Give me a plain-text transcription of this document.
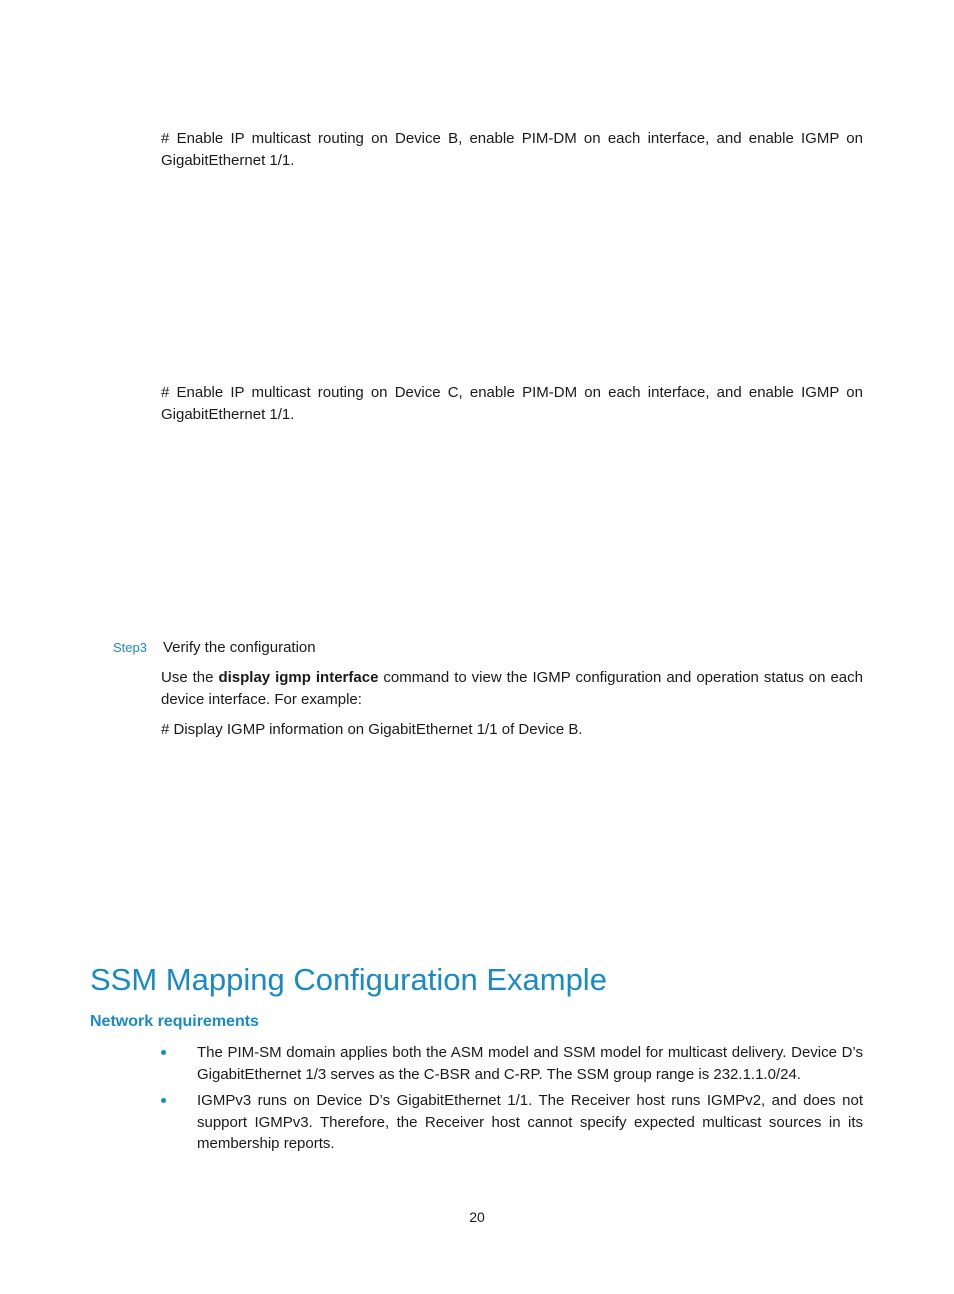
# Enable IP multicast routing on Device B, enable PIM-DM on each interface, and enable IGMP on GigabitEthernet 1/1.

# Enable IP multicast routing on Device C, enable PIM-DM on each interface, and enable IGMP on GigabitEthernet 1/1.

Step3 Verify the configuration

Use the display igmp interface command to view the IGMP configuration and operation status on each device interface. For example:

# Display IGMP information on GigabitEthernet 1/1 of Device B.

SSM Mapping Configuration Example
Network requirements
The PIM-SM domain applies both the ASM model and SSM model for multicast delivery. Device D’s GigabitEthernet 1/3 serves as the C-BSR and C-RP. The SSM group range is 232.1.1.0/24.
IGMPv3 runs on Device D’s GigabitEthernet 1/1. The Receiver host runs IGMPv2, and does not support IGMPv3. Therefore, the Receiver host cannot specify expected multicast sources in its membership reports.
20
